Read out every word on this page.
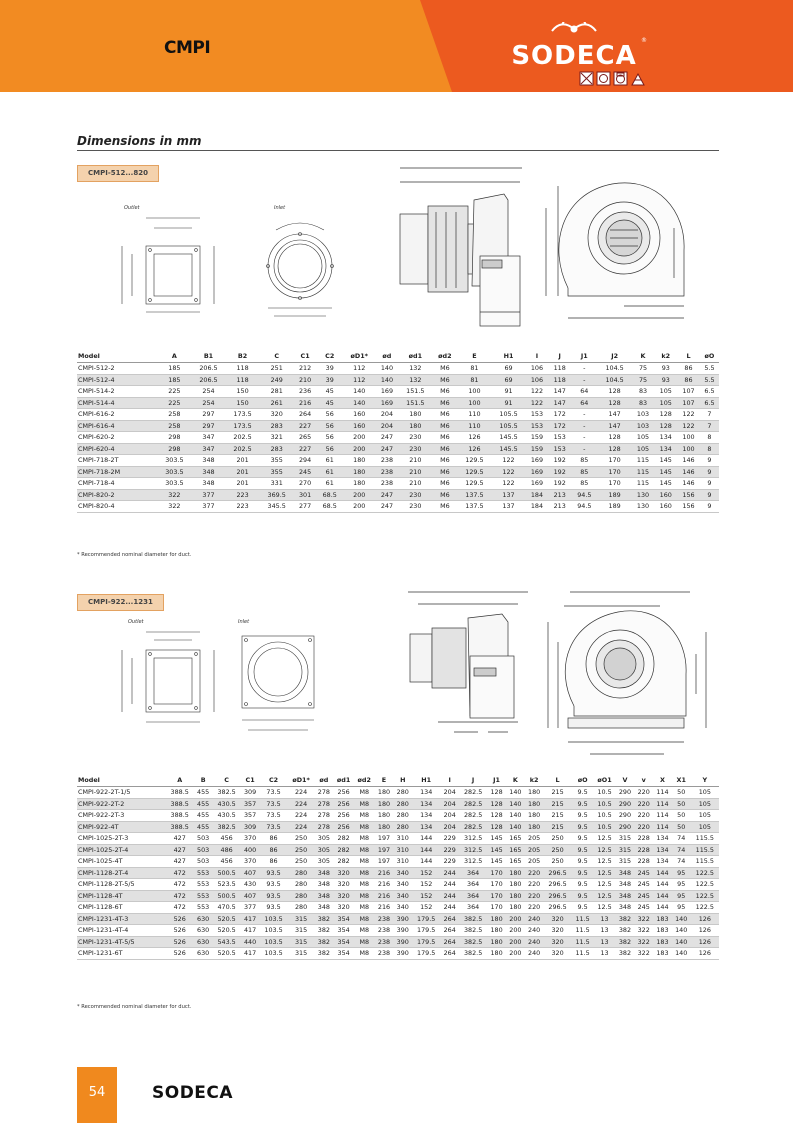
CMPI	SODECA
®
Dimensions in mm
CMPI-512...820
Outlet	Inlet
Model	A	B1	B2	C	C1	C2	øD1*	ød	ød1	ød2	E	H1	I	J	J1	J2	K	k2	L	øO
CMPI-512-2	185	206.5	118	251	212	39	112	140	132	M6	81	69	106	118	-	104.5	75	93	86	5.5
CMPI-512-4	185	206.5	118	249	210	39	112	140	132	M6	81	69	106	118	-	104.5	75	93	86	5.5
CMPI-514-2	225	254	150	281	236	45	140	169	151.5	M6	100	91	122	147	64	128	83	105	107	6.5
CMPI-514-4	225	254	150	261	216	45	140	169	151.5	M6	100	91	122	147	64	128	83	105	107	6.5
CMPI-616-2	258	297	173.5	320	264	56	160	204	180	M6	110	105.5	153	172	-	147	103	128	122	7
CMPI-616-4	258	297	173.5	283	227	56	160	204	180	M6	110	105.5	153	172	-	147	103	128	122	7
CMPI-620-2	298	347	202.5	321	265	56	200	247	230	M6	126	145.5	159	153	-	128	105	134	100	8
CMPI-620-4	298	347	202.5	283	227	56	200	247	230	M6	126	145.5	159	153	-	128	105	134	100	8
CMPI-718-2T	303.5	348	201	355	294	61	180	238	210	M6	129.5	122	169	192	85	170	115	145	146	9
CMPI-718-2M	303.5	348	201	355	245	61	180	238	210	M6	129.5	122	169	192	85	170	115	145	146	9
CMPI-718-4	303.5	348	201	331	270	61	180	238	210	M6	129.5	122	169	192	85	170	115	145	146	9
CMPI-820-2	322	377	223	369.5	301	68.5	200	247	230	M6	137.5	137	184	213	94.5	189	130	160	156	9
CMPI-820-4	322	377	223	345.5	277	68.5	200	247	230	M6	137.5	137	184	213	94.5	189	130	160	156	9
* Recommended nominal diameter for duct.
CMPI-922...1231
Outlet	Inlet
Model	A	B	C	C1	C2	øD1*	ød	ød1	ød2	E	H	H1	I	J	J1	K	k2	L	øO	øO1	V	v	X	X1	Y
CMPI-922-2T-1/5	388.5	455	382.5	309	73.5	224	278	256	M8	180	280	134	204	282.5	128	140	180	215	9.5	10.5	290	220	114	50	105
CMPI-922-2T-2	388.5	455	430.5	357	73.5	224	278	256	M8	180	280	134	204	282.5	128	140	180	215	9.5	10.5	290	220	114	50	105
CMPI-922-2T-3	388.5	455	430.5	357	73.5	224	278	256	M8	180	280	134	204	282.5	128	140	180	215	9.5	10.5	290	220	114	50	105
CMPI-922-4T	388.5	455	382.5	309	73.5	224	278	256	M8	180	280	134	204	282.5	128	140	180	215	9.5	10.5	290	220	114	50	105
CMPI-1025-2T-3	427	503	456	370	86	250	305	282	M8	197	310	144	229	312.5	145	165	205	250	9.5	12.5	315	228	134	74	115.5
CMPI-1025-2T-4	427	503	486	400	86	250	305	282	M8	197	310	144	229	312.5	145	165	205	250	9.5	12.5	315	228	134	74	115.5
CMPI-1025-4T	427	503	456	370	86	250	305	282	M8	197	310	144	229	312.5	145	165	205	250	9.5	12.5	315	228	134	74	115.5
CMPI-1128-2T-4	472	553	500.5	407	93.5	280	348	320	M8	216	340	152	244	364	170	180	220	296.5	9.5	12.5	348	245	144	95	122.5
CMPI-1128-2T-5/5	472	553	523.5	430	93.5	280	348	320	M8	216	340	152	244	364	170	180	220	296.5	9.5	12.5	348	245	144	95	122.5
CMPI-1128-4T	472	553	500.5	407	93.5	280	348	320	M8	216	340	152	244	364	170	180	220	296.5	9.5	12.5	348	245	144	95	122.5
CMPI-1128-6T	472	553	470.5	377	93.5	280	348	320	M8	216	340	152	244	364	170	180	220	296.5	9.5	12.5	348	245	144	95	122.5
CMPI-1231-4T-3	526	630	520.5	417	103.5	315	382	354	M8	238	390	179.5	264	382.5	180	200	240	320	11.5	13	382	322	183	140	126
CMPI-1231-4T-4	526	630	520.5	417	103.5	315	382	354	M8	238	390	179.5	264	382.5	180	200	240	320	11.5	13	382	322	183	140	126
CMPI-1231-4T-5/5	526	630	543.5	440	103.5	315	382	354	M8	238	390	179.5	264	382.5	180	200	240	320	11.5	13	382	322	183	140	126
CMPI-1231-6T	526	630	520.5	417	103.5	315	382	354	M8	238	390	179.5	264	382.5	180	200	240	320	11.5	13	382	322	183	140	126
* Recommended nominal diameter for duct.
54	SODECA
